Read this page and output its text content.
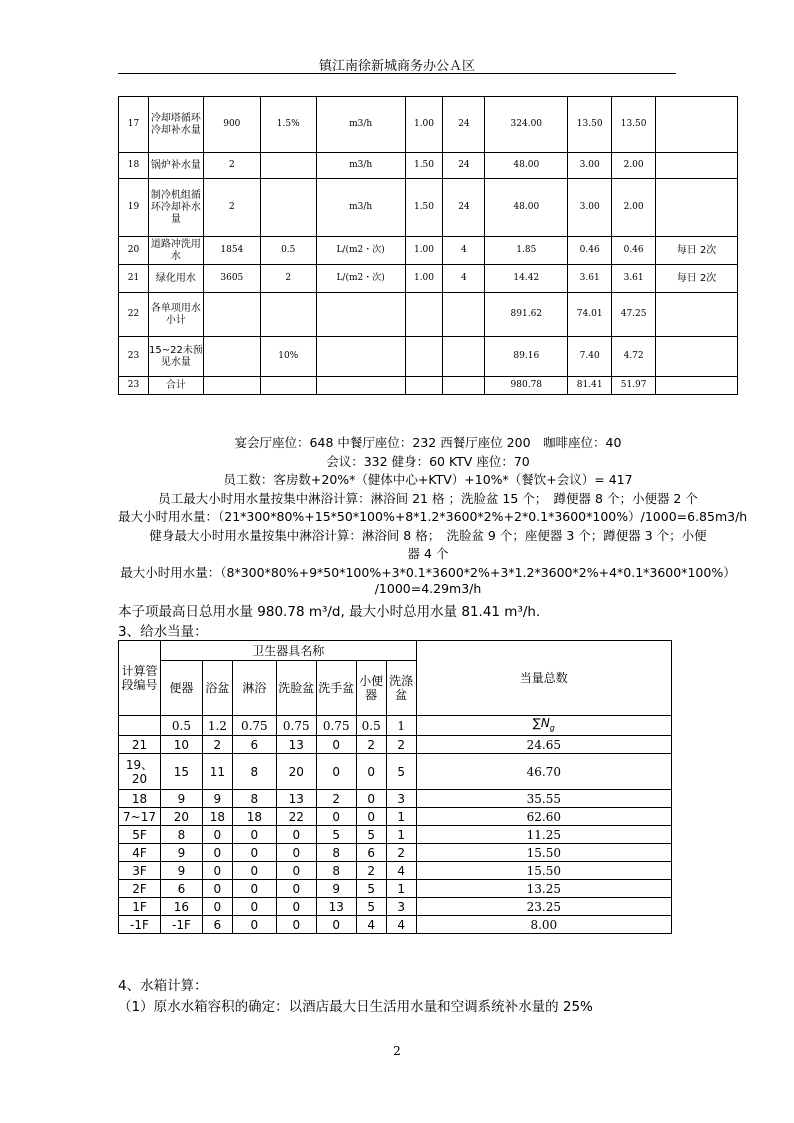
镇江南徐新城商务办公Ａ区
17	冷却塔循环冷却补水量	900	1.5%	m3/h	1.00	24	324.00	13.50	13.50	
18	锅炉补水量	2		m3/h	1.50	24	48.00	3.00	2.00	
19	制冷机组循环冷却补水量	2		m3/h	1.50	24	48.00	3.00	2.00	
20	道路冲洗用水	1854	0.5	L/(m2・次)	1.00	4	1.85	0.46	0.46	每日 2次
21	绿化用水	3605	2	L/(m2・次)	1.00	4	14.42	3.61	3.61	每日 2次
22	各单项用水小计						891.62	74.01	47.25	
23	15~22未预见水量		10%				89.16	7.40	4.72	
23	合计						980.78	81.41	51.97	
宴会厅座位：648 中餐厅座位：232 西餐厅座位 200　咖啡座位：40
会议：332 健身：60 KTV 座位：70
员工数：客房数+20%*（健体中心+KTV）+10%*（餐饮+会议）= 417
员工最大小时用水量按集中淋浴计算：淋浴间 21 格 ；洗脸盆 15 个；　蹲便器 8 个；小便器 2 个
最大小时用水量：（21*300*80%+15*50*100%+8*1.2*3600*2%+2*0.1*3600*100%）/1000=6.85m3/h
健身最大小时用水量按集中淋浴计算：淋浴间 8 格；　洗脸盆 9 个；座便器 3 个；蹲便器 3 个；小便
器 4 个
最大小时用水量：（8*300*80%+9*50*100%+3*0.1*3600*2%+3*1.2*3600*2%+4*0.1*3600*100%）
/1000=4.29m3/h
本子项最高日总用水量 980.78 m³/d, 最大小时总用水量 81.41 m³/h.
3、给水当量：
计算管段编号	卫生器具名称							当量总数
	便器	浴盆	淋浴	洗脸盆	洗手盆	小便器	洗涤盆	
	0.5	1.2	0.75	0.75	0.75	0.5	1	$\sum N_g$
21	10	2	6	13	0	2	2	24.65
19、20	15	11	8	20	0	0	5	46.70
18	9	9	8	13	2	0	3	35.55
7~17	20	18	18	22	0	0	1	62.60
5F	8	0	0	0	5	5	1	11.25
4F	9	0	0	0	8	6	2	15.50
3F	9	0	0	0	8	2	4	15.50
2F	6	0	0	0	9	5	1	13.25
1F	16	0	0	0	13	5	3	23.25
-1F	-1F	6	0	0	0	4	4	8.00
4、水箱计算：
（1）原水水箱容积的确定：以酒店最大日生活用水量和空调系统补水量的 25%
2
